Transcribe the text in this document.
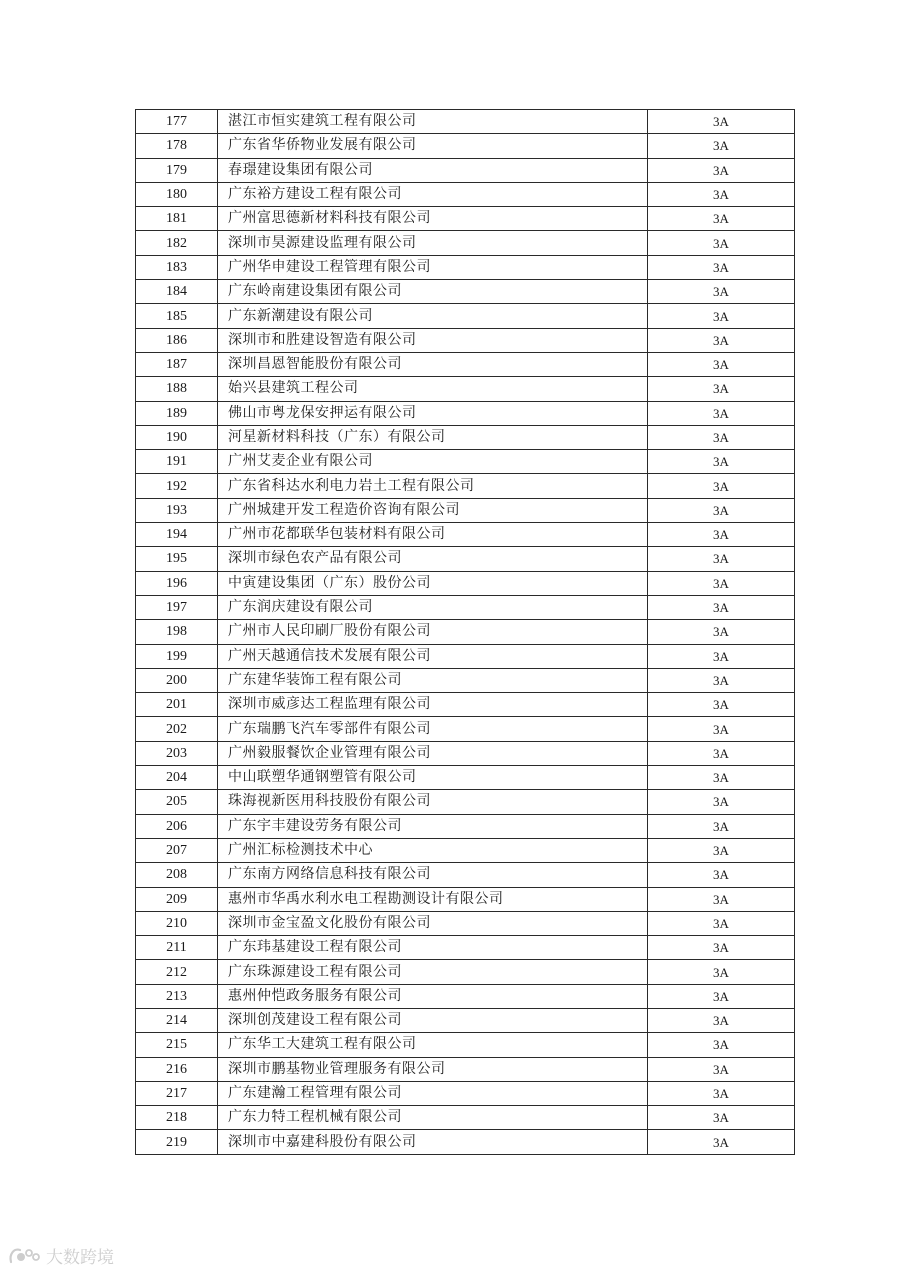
177	湛江市恒实建筑工程有限公司	3A
178	广东省华侨物业发展有限公司	3A
179	春璟建设集团有限公司	3A
180	广东裕方建设工程有限公司	3A
181	广州富思德新材料科技有限公司	3A
182	深圳市昊源建设监理有限公司	3A
183	广州华申建设工程管理有限公司	3A
184	广东岭南建设集团有限公司	3A
185	广东新潮建设有限公司	3A
186	深圳市和胜建设智造有限公司	3A
187	深圳昌恩智能股份有限公司	3A
188	始兴县建筑工程公司	3A
189	佛山市粤龙保安押运有限公司	3A
190	河星新材料科技（广东）有限公司	3A
191	广州艾麦企业有限公司	3A
192	广东省科达水利电力岩土工程有限公司	3A
193	广州城建开发工程造价咨询有限公司	3A
194	广州市花都联华包装材料有限公司	3A
195	深圳市绿色农产品有限公司	3A
196	中寅建设集团（广东）股份公司	3A
197	广东润庆建设有限公司	3A
198	广州市人民印刷厂股份有限公司	3A
199	广州天越通信技术发展有限公司	3A
200	广东建华装饰工程有限公司	3A
201	深圳市威彦达工程监理有限公司	3A
202	广东瑞鹏飞汽车零部件有限公司	3A
203	广州毅服餐饮企业管理有限公司	3A
204	中山联塑华通钢塑管有限公司	3A
205	珠海视新医用科技股份有限公司	3A
206	广东宇丰建设劳务有限公司	3A
207	广州汇标检测技术中心	3A
208	广东南方网络信息科技有限公司	3A
209	惠州市华禹水利水电工程勘测设计有限公司	3A
210	深圳市金宝盈文化股份有限公司	3A
211	广东玮基建设工程有限公司	3A
212	广东珠源建设工程有限公司	3A
213	惠州仲恺政务服务有限公司	3A
214	深圳创茂建设工程有限公司	3A
215	广东华工大建筑工程有限公司	3A
216	深圳市鹏基物业管理服务有限公司	3A
217	广东建瀚工程管理有限公司	3A
218	广东力特工程机械有限公司	3A
219	深圳市中嘉建科股份有限公司	3A
大数跨境
